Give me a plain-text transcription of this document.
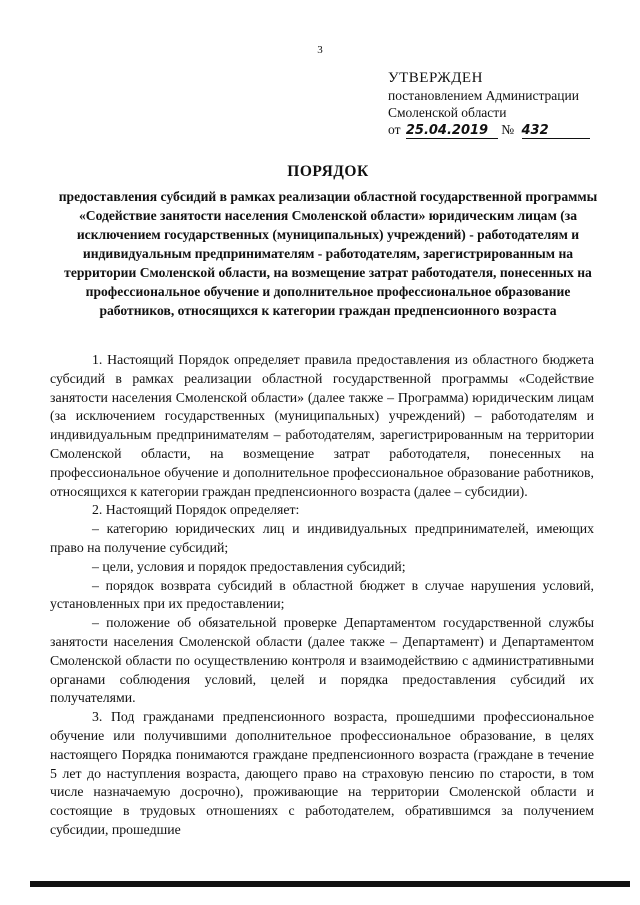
3
УТВЕРЖДЕН
постановлением Администрации
Смоленской области
от 25.04.2019 № 432
ПОРЯДОК
предоставления субсидий в рамках реализации областной государственной программы «Содействие занятости населения Смоленской области» юридическим лицам (за исключением государственных (муниципальных) учреждений) - работодателям и индивидуальным предпринимателям - работодателям, зарегистрированным на территории Смоленской области, на возмещение затрат работодателя, понесенных на профессиональное обучение и дополнительное профессиональное образование работников, относящихся к категории граждан предпенсионного возраста

1. Настоящий Порядок определяет правила предоставления из областного бюджета субсидий в рамках реализации областной государственной программы «Содействие занятости населения Смоленской области» (далее также – Программа) юридическим лицам (за исключением государственных (муниципальных) учреждений) – работодателям и индивидуальным предпринимателям – работодателям, зарегистрированным на территории Смоленской области, на возмещение затрат работодателя, понесенных на профессиональное обучение и дополнительное профессиональное образование работников, относящихся к категории граждан предпенсионного возраста (далее – субсидии).

2. Настоящий Порядок определяет:

– категорию юридических лиц и индивидуальных предпринимателей, имеющих право на получение субсидий;

– цели, условия и порядок предоставления субсидий;

– порядок возврата субсидий в областной бюджет в случае нарушения условий, установленных при их предоставлении;

– положение об обязательной проверке Департаментом государственной службы занятости населения Смоленской области (далее также – Департамент) и Департаментом Смоленской области по осуществлению контроля и взаимодействию с административными органами соблюдения условий, целей и порядка предоставления субсидий их получателями.

3. Под гражданами предпенсионного возраста, прошедшими профессиональное обучение или получившими дополнительное профессиональное образование, в целях настоящего Порядка понимаются граждане предпенсионного возраста (граждане в течение 5 лет до наступления возраста, дающего право на страховую пенсию по старости, в том числе назначаемую досрочно), проживающие на территории Смоленской области и состоящие в трудовых отношениях с работодателем, обратившимся за получением субсидии, прошедшие
